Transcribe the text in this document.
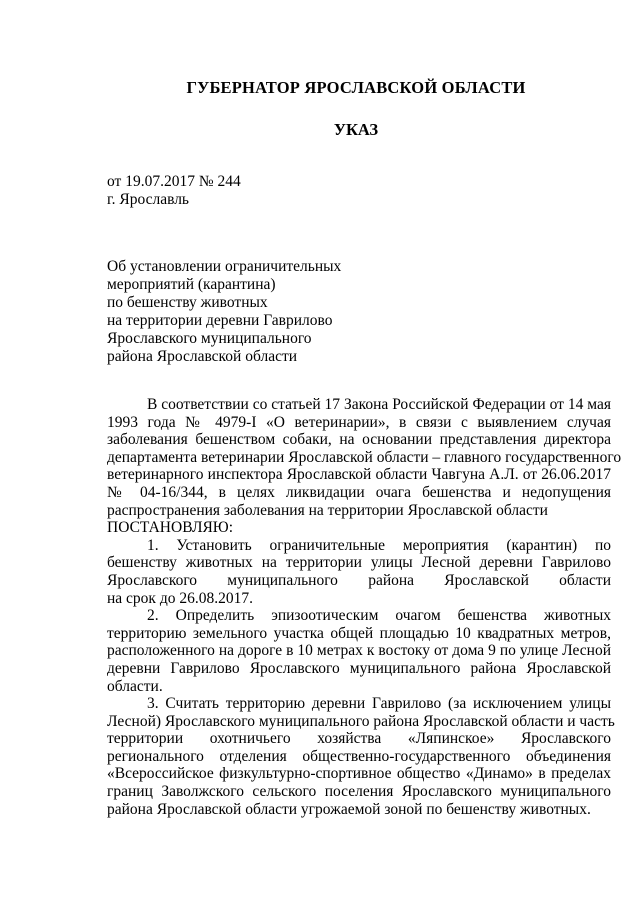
ГУБЕРНАТОР ЯРОСЛАВСКОЙ ОБЛАСТИ
УКАЗ
от 19.07.2017 № 244
г. Ярославль
Об установлении ограничительных
мероприятий (карантина)
по бешенству животных
на территории деревни Гаврилово
Ярославского муниципального
района Ярославской области
В соответствии со статьей 17 Закона Российской Федерации от 14 мая
1993 года № 4979-I «О ветеринарии», в связи с выявлением случая
заболевания бешенством собаки, на основании представления директора
департамента ветеринарии Ярославской области – главного государственного
ветеринарного инспектора Ярославской области Чавгуна А.Л. от 26.06.2017
№ 04-16/344, в целях ликвидации очага бешенства и недопущения
распространения заболевания на территории Ярославской области
ПОСТАНОВЛЯЮ:
1. Установить ограничительные мероприятия (карантин) по
бешенству животных на территории улицы Лесной деревни Гаврилово
Ярославского муниципального района Ярославской области
на срок до 26.08.2017.
2. Определить эпизоотическим очагом бешенства животных
территорию земельного участка общей площадью 10 квадратных метров,
расположенного на дороге в 10 метрах к востоку от дома 9 по улице Лесной
деревни Гаврилово Ярославского муниципального района Ярославской
области.
3. Считать территорию деревни Гаврилово (за исключением улицы
Лесной) Ярославского муниципального района Ярославской области и часть
территории охотничьего хозяйства «Ляпинское» Ярославского
регионального отделения общественно-государственного объединения
«Всероссийское физкультурно-спортивное общество «Динамо» в пределах
границ Заволжского сельского поселения Ярославского муниципального
района Ярославской области угрожаемой зоной по бешенству животных.
